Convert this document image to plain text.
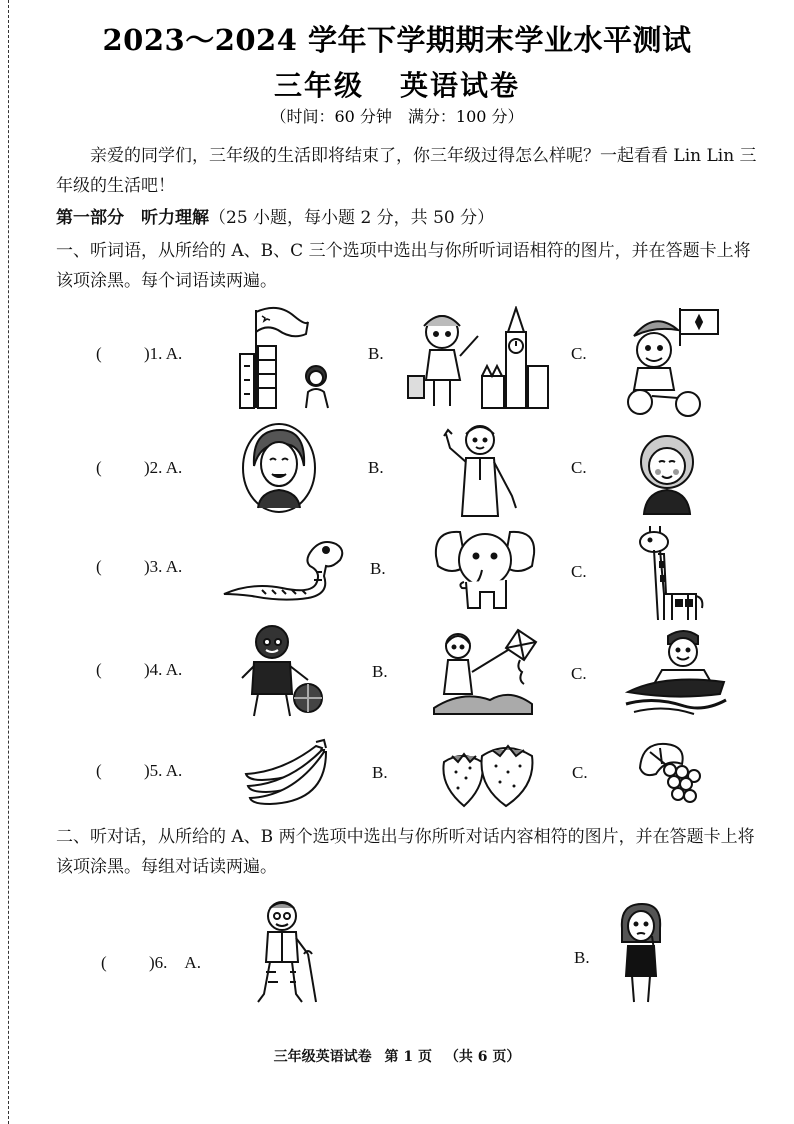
2023～2024 学年下学期期末学业水平测试
三年级 英语试卷
（时间：60 分钟　满分：100 分）
亲爱的同学们，三年级的生活即将结束了，你三年级过得怎么样呢？一起看看 Lin Lin 三年级的生活吧！
第一部分　听力理解（25 小题，每小题 2 分，共 50 分）
一、听词语，从所给的 A、B、C 三个选项中选出与你所听词语相符的图片，并在答题卡上将该项涂黑。每个词语读两遍。
( )1. A.	B.	C.
( )2. A.	B.	C.
( )3. A.	B.	C.
( )4. A.	B.	C.
( )5. A.	B.	C.
二、听对话，从所给的 A、B 两个选项中选出与你所听对话内容相符的图片，并在答题卡上将该项涂黑。每组对话读两遍。
( )6.　A.	B.
三年级英语试卷 第 1 页 （共 6 页）
